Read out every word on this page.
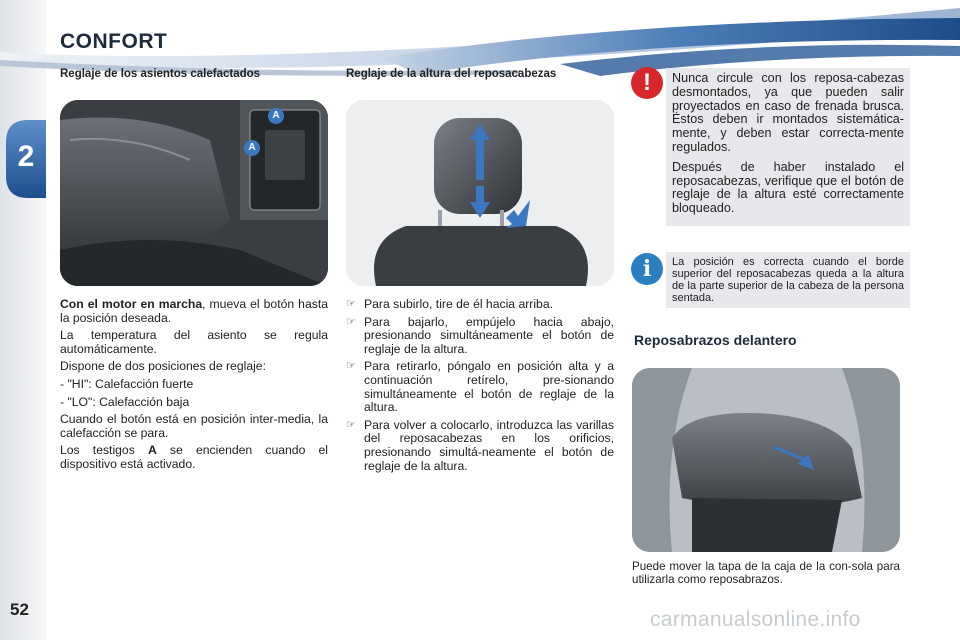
2
52
CONFORT
Reglaje de los asientos calefactados
A
A

Con el motor en marcha, mueva el botón hasta la posición deseada.

La temperatura del asiento se regula automáticamente.

Dispone de dos posiciones de reglaje:

- "HI": Calefacción fuerte

- "LO": Calefacción baja

Cuando el botón está en posición inter-media, la calefacción se para.

Los testigos A se encienden cuando el dispositivo está activado.

Reglaje de la altura del reposacabezas
☞ Para subirlo, tire de él hacia arriba.
☞ Para bajarlo, empújelo hacia abajo, presionando simultáneamente el botón de reglaje de la altura.
☞ Para retirarlo, póngalo en posición alta y a continuación retírelo, pre-sionando simultáneamente el botón de reglaje de la altura.
☞ Para volver a colocarlo, introduzca las varillas del reposacabezas en los orificios, presionando simultá-neamente el botón de reglaje de la altura.
!	Nunca circule con los reposa-cabezas desmontados, ya que pueden salir proyectados en caso de frenada brusca. Éstos deben ir montados sistemática-mente, y deben estar correcta-mente regulados.

Después de haber instalado el reposacabezas, verifique que el botón de reglaje de la altura esté correctamente bloqueado.

i	La posición es correcta cuando el borde superior del reposacabezas queda a la altura de la parte superior de la cabeza de la persona sentada.
Reposabrazos delantero
Puede mover la tapa de la caja de la con-sola para utilizarla como reposabrazos.
carmanualsonline.info
